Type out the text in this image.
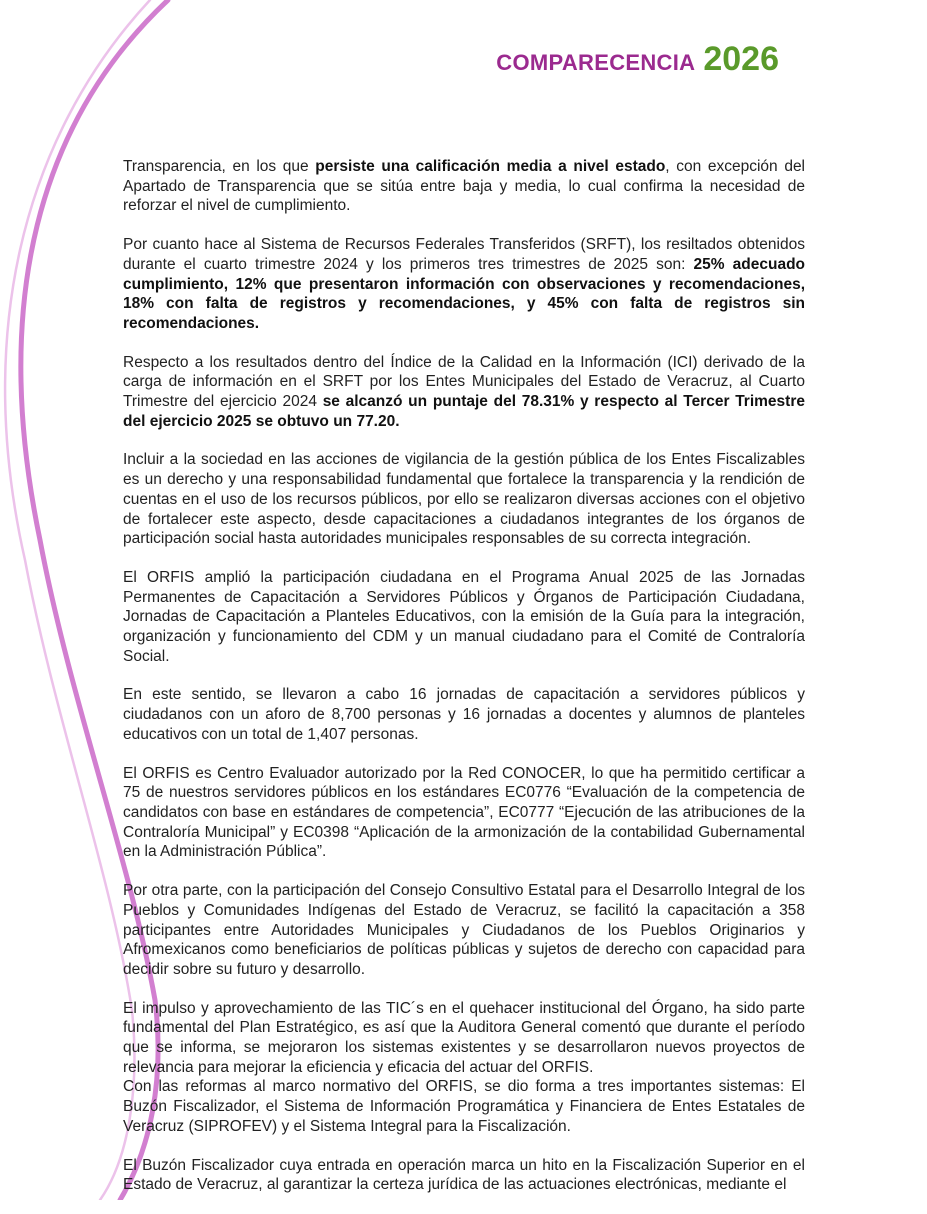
COMPARECENCIA 2026

Transparencia, en los que persiste una calificación media a nivel estado, con excepción del Apartado de Transparencia que se sitúa entre baja y media, lo cual confirma la necesidad de reforzar el nivel de cumplimiento.

Por cuanto hace al Sistema de Recursos Federales Transferidos (SRFT), los resiltados obtenidos durante el cuarto trimestre 2024 y los primeros tres trimestres de 2025 son: 25% adecuado cumplimiento, 12% que presentaron información con observaciones y recomendaciones, 18% con falta de registros y recomendaciones, y 45% con falta de registros sin recomendaciones.

Respecto a los resultados dentro del Índice de la Calidad en la Información (ICI) derivado de la carga de información en el SRFT por los Entes Municipales del Estado de Veracruz, al Cuarto Trimestre del ejercicio 2024 se alcanzó un puntaje del 78.31% y respecto al Tercer Trimestre del ejercicio 2025 se obtuvo un 77.20.

Incluir a la sociedad en las acciones de vigilancia de la gestión pública de los Entes Fiscalizables es un derecho y una responsabilidad fundamental que fortalece la transparencia y la rendición de cuentas en el uso de los recursos públicos, por ello se realizaron diversas acciones con el objetivo de fortalecer este aspecto, desde capacitaciones a ciudadanos integrantes de los órganos de participación social hasta autoridades municipales responsables de su correcta integración.

El ORFIS amplió la participación ciudadana en el Programa Anual 2025 de las Jornadas Permanentes de Capacitación a Servidores Públicos y Órganos de Participación Ciudadana, Jornadas de Capacitación a Planteles Educativos, con la emisión de la Guía para la integración, organización y funcionamiento del CDM y un manual ciudadano para el Comité de Contraloría Social.

En este sentido, se llevaron a cabo 16 jornadas de capacitación a servidores públicos y ciudadanos con un aforo de 8,700 personas y 16 jornadas a docentes y alumnos de planteles educativos con un total de 1,407 personas.

El ORFIS es Centro Evaluador autorizado por la Red CONOCER, lo que ha permitido certificar a 75 de nuestros servidores públicos en los estándares EC0776 “Evaluación de la competencia de candidatos con base en estándares de competencia”, EC0777 “Ejecución de las atribuciones de la Contraloría Municipal” y EC0398 “Aplicación de la armonización de la contabilidad Gubernamental en la Administración Pública”.

Por otra parte, con la participación del Consejo Consultivo Estatal para el Desarrollo Integral de los Pueblos y Comunidades Indígenas del Estado de Veracruz, se facilitó la capacitación a 358 participantes entre Autoridades Municipales y Ciudadanos de los Pueblos Originarios y Afromexicanos como beneficiarios de políticas públicas y sujetos de derecho con capacidad para decidir sobre su futuro y desarrollo.

El impulso y aprovechamiento de las TIC´s en el quehacer institucional del Órgano, ha sido parte fundamental del Plan Estratégico, es así que la Auditora General comentó que durante el período que se informa, se mejoraron los sistemas existentes y se desarrollaron nuevos proyectos de relevancia para mejorar la eficiencia y eficacia del actuar del ORFIS.

Con las reformas al marco normativo del ORFIS, se dio forma a tres importantes sistemas: El Buzón Fiscalizador, el Sistema de Información Programática y Financiera de Entes Estatales de Veracruz (SIPROFEV) y el Sistema Integral para la Fiscalización.

El Buzón Fiscalizador cuya entrada en operación marca un hito en la Fiscalización Superior en el Estado de Veracruz, al garantizar la certeza jurídica de las actuaciones electrónicas, mediante el
